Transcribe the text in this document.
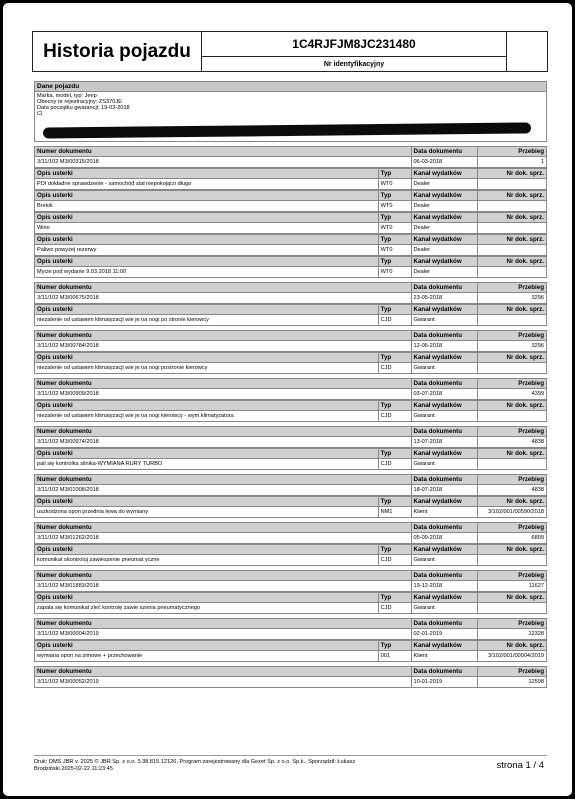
Historia pojazdu	1C4RJFJM8JC231480
Nr identyfikacyjny
Dane pojazdu
Marka, model, typ: Jeep
Obecny nr rejestracyjny: ZS370JE
Data początku gwarancji: 19-03-2018
Cl
Numer dokumentu	Data dokumentu	Przebieg
3/11/102 M3/00315/2018	06-03-2018	1
Opis usterki	Typ	Kanał wydatków	Nr dok. sprz.
PDI dokładne sprawdzenie - samochód stał niepokojąco długo	WT0	Dealer
Opis usterki	Typ	Kanał wydatków	Nr dok. sprz.
Brelok	WT0	Dealer
Opis usterki	Typ	Kanał wydatków	Nr dok. sprz.
Wino	WT0	Dealer
Opis usterki	Typ	Kanał wydatków	Nr dok. sprz.
Paliwo powyżej rezerwy	WT0	Dealer
Opis usterki	Typ	Kanał wydatków	Nr dok. sprz.
Mycie pod wydanie 9.03.2018 11:00	WT0	Dealer
Numer dokumentu	Data dokumentu	Przebieg
3/11/102 M3/00675/2018	23-05-2018	3296
Opis usterki	Typ	Kanał wydatków	Nr dok. sprz.
niezalenie od ustawien klimatyzacji wie je na nogi po stronie kierowcy	CJD	Gwarant
Numer dokumentu	Data dokumentu	Przebieg
3/11/102 M3/00784/2018	12-06-2018	3296
Opis usterki	Typ	Kanał wydatków	Nr dok. sprz.
niezalenie od ustawien klimatyzacji wie je na nogi postronie kierowcy	CJD	Gwarant
Numer dokumentu	Data dokumentu	Przebieg
3/11/102 M3/00909/2018	03-07-2018	4399
Opis usterki	Typ	Kanał wydatków	Nr dok. sprz.
niezalenie od ustawien klimatyzacji wie je na nogi kierowcy - wym.klimatyzatora	CJD	Gwarant
Numer dokumentu	Data dokumentu	Przebieg
3/11/102 M3/00974/2018	13-07-2018	4838
Opis usterki	Typ	Kanał wydatków	Nr dok. sprz.
pali się kontrolka silnika-WYMIANA RURY TURBO	CJD	Gwarant
Numer dokumentu	Data dokumentu	Przebieg
3/11/102 M3/01008/2018	18-07-2018	4838
Opis usterki	Typ	Kanał wydatków	Nr dok. sprz.
uszkodzona opon przednia lewa do wymiany	NM1	Klient	3/102/001/00590/2018
Numer dokumentu	Data dokumentu	Przebieg
3/11/102 M3/01262/2018	05-09-2018	6809
Opis usterki	Typ	Kanał wydatków	Nr dok. sprz.
komunikat skontroluj zawieszenie pneumat yczne	CJD	Gwarant
Numer dokumentu	Data dokumentu	Przebieg
3/11/102 M3/01883/2018	19-12-2018	11627
Opis usterki	Typ	Kanał wydatków	Nr dok. sprz.
zapala się komunikat zleć kontrolę zawie szenia pneumatycznego	CJD	Gwarant
Numer dokumentu	Data dokumentu	Przebieg
3/11/102 M3/00004/2019	02-01-2019	12328
Opis usterki	Typ	Kanał wydatków	Nr dok. sprz.
wymiana opon na zimowe + przechowanie	001	Klient	3/102/001/00004/2019
Numer dokumentu	Data dokumentu	Przebieg
3/11/102 M3/00052/2019	10-01-2019	12598
Druk: DMS JBR v. 2025 © JBR Sp. z o.o. 3.38.815.12126, Program zarejestrowany dla Gezet Sp. z o.o. Sp.k., Sporządził: Łukasz Brodziński 2025-02-22 11:23:45	strona 1 / 4
